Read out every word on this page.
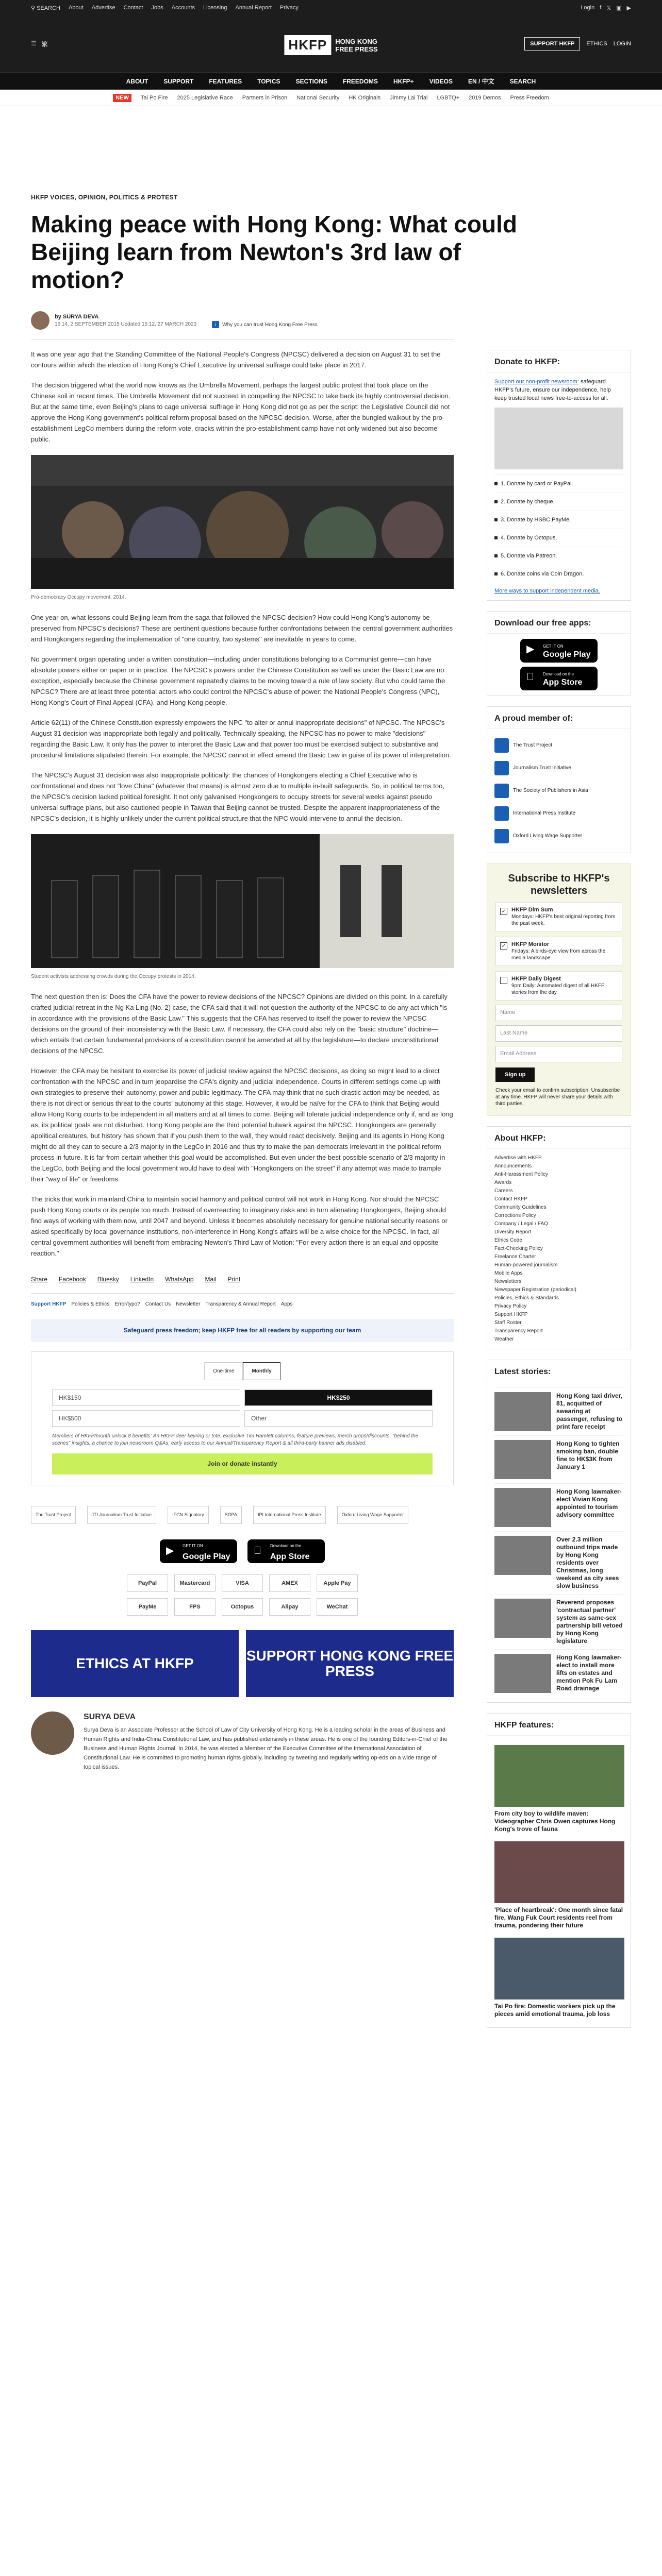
⚲ SEARCH About Advertise Contact Jobs Accounts Licensing Annual Report Privacy	Login f 𝕏 ▣ ▶
☰ 繁	HKFP	HONG KONG
FREE PRESS
SUPPORT HKFP	ETHICS LOGIN
ABOUT	SUPPORT	FEATURES	TOPICS	SECTIONS	FREEDOMS	HKFP+	VIDEOS	EN / 中文	SEARCH
NEW	Tai Po Fire 2025 Legislative Race Partners in Prison National Security HK Originals Jimmy Lai Trial LGBTQ+ 2019 Demos Press Freedom
HKFP VOICES, OPINION, POLITICS & PROTEST
Making peace with Hong Kong: What could Beijing learn from Newton's 3rd law of motion?
by SURYA DEVA
16:14, 2 SEPTEMBER 2015 Updated 15:12, 27 MARCH 2023	i	Why you can trust Hong Kong Free Press

It was one year ago that the Standing Committee of the National People's Congress (NPCSC) delivered a decision on August 31 to set the contours within which the election of Hong Kong's Chief Executive by universal suffrage could take place in 2017.

The decision triggered what the world now knows as the Umbrella Movement, perhaps the largest public protest that took place on the Chinese soil in recent times. The Umbrella Movement did not succeed in compelling the NPCSC to take back its highly controversial decision. But at the same time, even Beijing's plans to cage universal suffrage in Hong Kong did not go as per the script: the Legislative Council did not approve the Hong Kong government's political reform proposal based on the NPCSC decision. Worse, after the bungled walkout by the pro-establishment LegCo members during the reform vote, cracks within the pro-establishment camp have not only widened but also become public.

Pro-democracy Occupy movement, 2014.

One year on, what lessons could Beijing learn from the saga that followed the NPCSC decision? How could Hong Kong's autonomy be preserved from NPCSC's decisions? These are pertinent questions because further confrontations between the central government authorities and Hongkongers regarding the implementation of "one country, two systems" are inevitable in years to come.

No government organ operating under a written constitution—including under constitutions belonging to a Communist genre—can have absolute powers either on paper or in practice. The NPCSC's powers under the Chinese Constitution as well as under the Basic Law are no exception, especially because the Chinese government repeatedly claims to be moving toward a rule of law society. But who could tame the NPCSC? There are at least three potential actors who could control the NPCSC's abuse of power: the National People's Congress (NPC), Hong Kong's Court of Final Appeal (CFA), and Hong Kong people.

Article 62(11) of the Chinese Constitution expressly empowers the NPC "to alter or annul inappropriate decisions" of NPCSC. The NPCSC's August 31 decision was inappropriate both legally and politically. Technically speaking, the NPCSC has no power to make "decisions" regarding the Basic Law. It only has the power to interpret the Basic Law and that power too must be exercised subject to substantive and procedural limitations stipulated therein. For example, the NPCSC cannot in effect amend the Basic Law in guise of its power of interpretation.

The NPCSC's August 31 decision was also inappropriate politically: the chances of Hongkongers electing a Chief Executive who is confrontational and does not "love China" (whatever that means) is almost zero due to multiple in-built safeguards. So, in political terms too, the NPCSC's decision lacked political foresight. It not only galvanised Hongkongers to occupy streets for several weeks against pseudo universal suffrage plans, but also cautioned people in Taiwan that Beijing cannot be trusted. Despite the apparent inappropriateness of the NPCSC's decision, it is highly unlikely under the current political structure that the NPC would intervene to annul the decision.

Student activists addressing crowds during the Occupy protests in 2014.

The next question then is: Does the CFA have the power to review decisions of the NPCSC? Opinions are divided on this point. In a carefully crafted judicial retreat in the Ng Ka Ling (No. 2) case, the CFA said that it will not question the authority of the NPCSC to do any act which "is in accordance with the provisions of the Basic Law." This suggests that the CFA has reserved to itself the power to review the NPCSC decisions on the ground of their inconsistency with the Basic Law. If necessary, the CFA could also rely on the "basic structure" doctrine—which entails that certain fundamental provisions of a constitution cannot be amended at all by the legislature—to declare unconstitutional decisions of the NPCSC.

However, the CFA may be hesitant to exercise its power of judicial review against the NPCSC decisions, as doing so might lead to a direct confrontation with the NPCSC and in turn jeopardise the CFA's dignity and judicial independence. Courts in different settings come up with own strategies to preserve their autonomy, power and public legitimacy. The CFA may think that no such drastic action may be needed, as there is not direct or serious threat to the courts' autonomy at this stage. However, it would be naïve for the CFA to think that Beijing would allow Hong Kong courts to be independent in all matters and at all times to come. Beijing will tolerate judicial independence only if, and as long as, its political goals are not disturbed. Hong Kong people are the third potential bulwark against the NPCSC. Hongkongers are generally apolitical creatures, but history has shown that if you push them to the wall, they would react decisively. Beijing and its agents in Hong Kong might do all they can to secure a 2/3 majority in the LegCo in 2016 and thus try to make the pan-democrats irrelevant in the political reform process in future. It is far from certain whether this goal would be accomplished. But even under the best possible scenario of 2/3 majority in the LegCo, both Beijing and the local government would have to deal with "Hongkongers on the street" if any attempt was made to trample their "way of life" or freedoms.

The tricks that work in mainland China to maintain social harmony and political control will not work in Hong Kong. Nor should the NPCSC push Hong Kong courts or its people too much. Instead of overreacting to imaginary risks and in turn alienating Hongkongers, Beijing should find ways of working with them now, until 2047 and beyond. Unless it becomes absolutely necessary for genuine national security reasons or asked specifically by local governance institutions, non-interference in Hong Kong's affairs will be a wise choice for the NPCSC. In fact, all central government authorities will benefit from embracing Newton's Third Law of Motion: "For every action there is an equal and opposite reaction."

Share Facebook Bluesky LinkedIn WhatsApp Mail Print
Support HKFP Policies & Ethics Error/typo? Contact Us Newsletter Transparency & Annual Report Apps
Safeguard press freedom; keep HKFP free for all readers by supporting our team
One-time	Monthly
HK$150	HK$250
HK$500	Other
Members of HKFP/month unlock 8 benefits: An HKFP deer keyring or tote, exclusive Tim Hamlett columns, feature previews, merch drops/discounts, "behind the scenes" insights, a chance to join newsroom Q&As, early access to our Annual/Transparency Report & all third-party banner ads disabled.
Join or donate instantly
The Trust Project	JTI Journalism Trust Initiative	IFCN Signatory	SOPA	IPI International Press Institute	Oxford Living Wage Supporter
▶ GET IT ON
Google Play
Download on the
App Store
PayPal	Mastercard	VISA	AMEX	Apple Pay
PayMe	FPS	Octopus	Alipay	WeChat
ETHICS AT HKFP	SUPPORT HONG KONG FREE PRESS
SURYA DEVA

Surya Deva is an Associate Professor at the School of Law of City University of Hong Kong. He is a leading scholar in the areas of Business and Human Rights and India-China Constitutional Law, and has published extensively in these areas. He is one of the founding Editors-in-Chief of the Business and Human Rights Journal. In 2014, he was elected a Member of the Executive Committee of the International Association of Constitutional Law. He is committed to promoting human rights globally, including by tweeting and regularly writing op-eds on a wide range of topical issues.

Donate to HKFP:
Support our non-profit newsroom: safeguard HKFP's future, ensure our independence, help keep trusted local news free-to-access for all.
1. Donate by card or PayPal.
2. Donate by cheque.
3. Donate by HSBC PayMe.
4. Donate by Octopus.
5. Donate via Patreon.
6. Donate coins via Coin Dragon.
More ways to support independent media.
Download our free apps:
▶ GET IT ON
Google Play
Download on the
App Store
A proud member of:
The Trust Project
Journalism Trust Initiative
The Society of Publishers in Asia
International Press Institute
Oxford Living Wage Supporter
Subscribe to HKFP's newsletters
✓ HKFP Dim Sum
Mondays: HKFP's best original reporting from the past week.
✓ HKFP Monitor
Fridays: A birds-eye view from across the media landscape.
HKFP Daily Digest
9pm Daily: Automated digest of all HKFP stories from the day.
Name
Last Name
Email Address
Sign up
Check your email to confirm subscription. Unsubscribe at any time. HKFP will never share your details with third parties.
About HKFP:
Advertise with HKFP
Announcements
Anti-Harassment Policy
Awards
Careers
Contact HKFP
Community Guidelines
Corrections Policy
Company / Legal / FAQ
Diversity Report
Ethics Code
Fact-Checking Policy
Freelance Charter
Human-powered journalism
Mobile Apps
Newsletters
Newspaper Registration (periodical)
Policies, Ethics & Standards
Privacy Policy
Support HKFP
Staff Roster
Transparency Report
Weather
Latest stories:
Hong Kong taxi driver, 81, acquitted of swearing at passenger, refusing to print fare receipt
Hong Kong to tighten smoking ban, double fine to HK$3K from January 1
Hong Kong lawmaker-elect Vivian Kong appointed to tourism advisory committee
Over 2.3 million outbound trips made by Hong Kong residents over Christmas, long weekend as city sees slow business
Reverend proposes 'contractual partner' system as same-sex partnership bill vetoed by Hong Kong legislature
Hong Kong lawmaker-elect to install more lifts on estates and mention Pok Fu Lam Road drainage
HKFP features:
From city boy to wildlife maven: Videographer Chris Owen captures Hong Kong's trove of fauna
'Place of heartbreak': One month since fatal fire, Wang Fuk Court residents reel from trauma, pondering their future
Tai Po fire: Domestic workers pick up the pieces amid emotional trauma, job loss
